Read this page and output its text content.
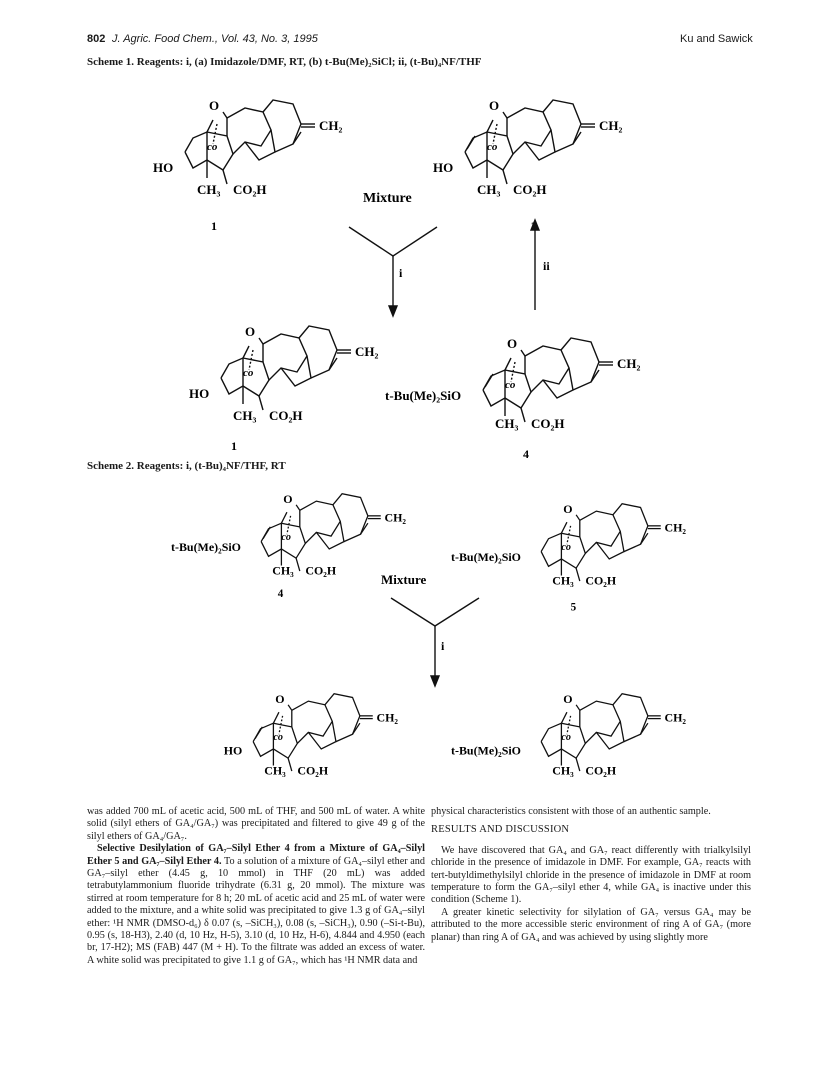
802 J. Agric. Food Chem., Vol. 43, No. 3, 1995	Ku and Sawick
Scheme 1. Reagents: i, (a) Imidazole/DMF, RT, (b) t-Bu(Me)₂SiCl; ii, (t-Bu)₄NF/THF
Scheme 2. Reagents: i, (t-Bu)₄NF/THF, RT
O
co
HO
CH₃ CO₂H
CH₂
1
O
co
HO
CH₃ CO₂H
CH₂
Mixture
i	ii
O
co
HO
CH₃ CO₂H
CH₂
1
O
co
t-Bu(Me)₂SiO
CH₃ CO₂H
CH₂
4
O
co
t-Bu(Me)₂SiO
CH₃ CO₂H
CH₂
4
O
co
t-Bu(Me)₂SiO
CH₃ CO₂H
CH₂
5
Mixture
i
O
co
HO
CH₃ CO₂H
CH₂
O
co
t-Bu(Me)₂SiO
CH₃ CO₂H
CH₂

was added 700 mL of acetic acid, 500 mL of THF, and 500 mL of water. A white solid (silyl ethers of GA₄/GA₇) was precipitated and filtered to give 49 g of the silyl ethers of GA₄/GA₇.

Selective Desilylation of GA₇–Silyl Ether 4 from a Mixture of GA₄–Silyl Ether 5 and GA₇–Silyl Ether 4. To a solution of a mixture of GA₄–silyl ether and GA₇–silyl ether (4.45 g, 10 mmol) in THF (20 mL) was added tetrabutylammonium fluoride trihydrate (6.31 g, 20 mmol). The mixture was stirred at room temperature for 8 h; 20 mL of acetic acid and 25 mL of water were added to the mixture, and a white solid was precipitated to give 1.3 g of GA₄–silyl ether: ¹H NMR (DMSO-d₆) δ 0.07 (s, –SiCH₃), 0.08 (s, –SiCH₃), 0.90 (–Si-t-Bu), 0.95 (s, 18-H3), 2.40 (d, 10 Hz, H-5), 3.10 (d, 10 Hz, H-6), 4.844 and 4.950 (each br, 17-H2); MS (FAB) 447 (M + H). To the filtrate was added an excess of water. A white solid was precipitated to give 1.1 g of GA₇, which has ¹H NMR data and

physical characteristics consistent with those of an authentic sample.

RESULTS AND DISCUSSION

We have discovered that GA₄ and GA₇ react differently with trialkylsilyl chloride in the presence of imidazole in DMF. For example, GA₇ reacts with tert-butyldimethylsilyl chloride in the presence of imidazole in DMF at room temperature to form the GA₇–silyl ether 4, while GA₄ is inactive under this condition (Scheme 1).

A greater kinetic selectivity for silylation of GA₇ versus GA₄ may be attributed to the more accessible steric environment of ring A of GA₇ (more planar) than ring A of GA₄ and was achieved by using slightly more
